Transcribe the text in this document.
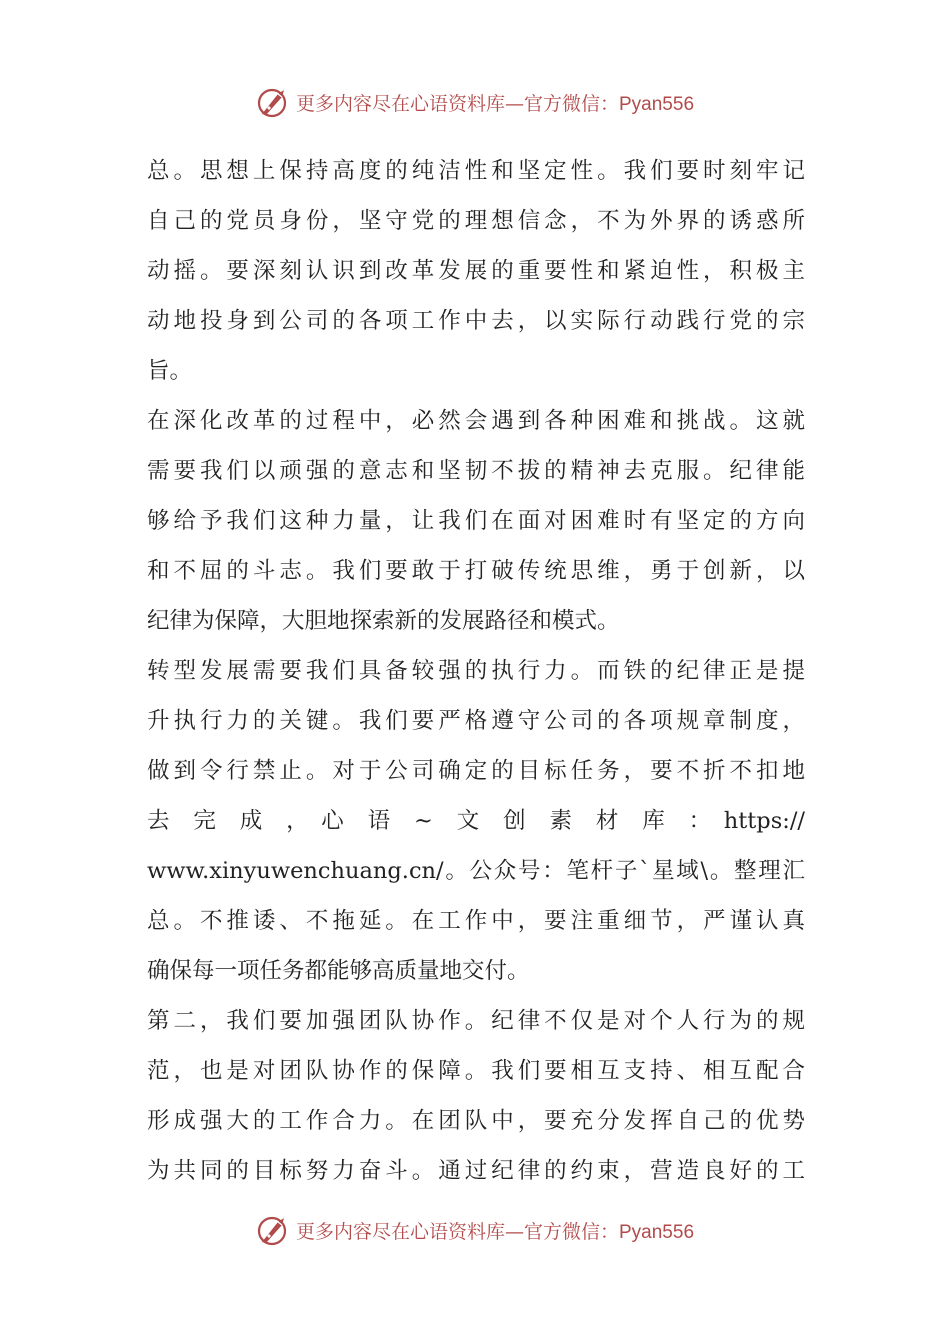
更多内容尽在心语资料库—官方微信：Pyan556
总。思想上保持高度的纯洁性和坚定性。我们要时刻牢记
自己的党员身份，坚守党的理想信念，不为外界的诱惑所
动摇。要深刻认识到改革发展的重要性和紧迫性，积极主
动地投身到公司的各项工作中去，以实际行动践行党的宗
旨。
在深化改革的过程中，必然会遇到各种困难和挑战。这就
需要我们以顽强的意志和坚韧不拔的精神去克服。纪律能
够给予我们这种力量，让我们在面对困难时有坚定的方向
和不屈的斗志。我们要敢于打破传统思维，勇于创新，以
纪律为保障，大胆地探索新的发展路径和模式。
转型发展需要我们具备较强的执行力。而铁的纪律正是提
升执行力的关键。我们要严格遵守公司的各项规章制度，
做到令行禁止。对于公司确定的目标任务，要不折不扣地
去　完　成　，　心　语　~　文　创　素　材　库　：　https://
www.xinyuwenchuang.cn/。公众号：笔杆子`星域\。整理汇
总。不推诿、不拖延。在工作中，要注重细节，严谨认真
确保每一项任务都能够高质量地交付。
第二，我们要加强团队协作。纪律不仅是对个人行为的规
范，也是对团队协作的保障。我们要相互支持、相互配合
形成强大的工作合力。在团队中，要充分发挥自己的优势
为共同的目标努力奋斗。通过纪律的约束，营造良好的工
更多内容尽在心语资料库—官方微信：Pyan556
